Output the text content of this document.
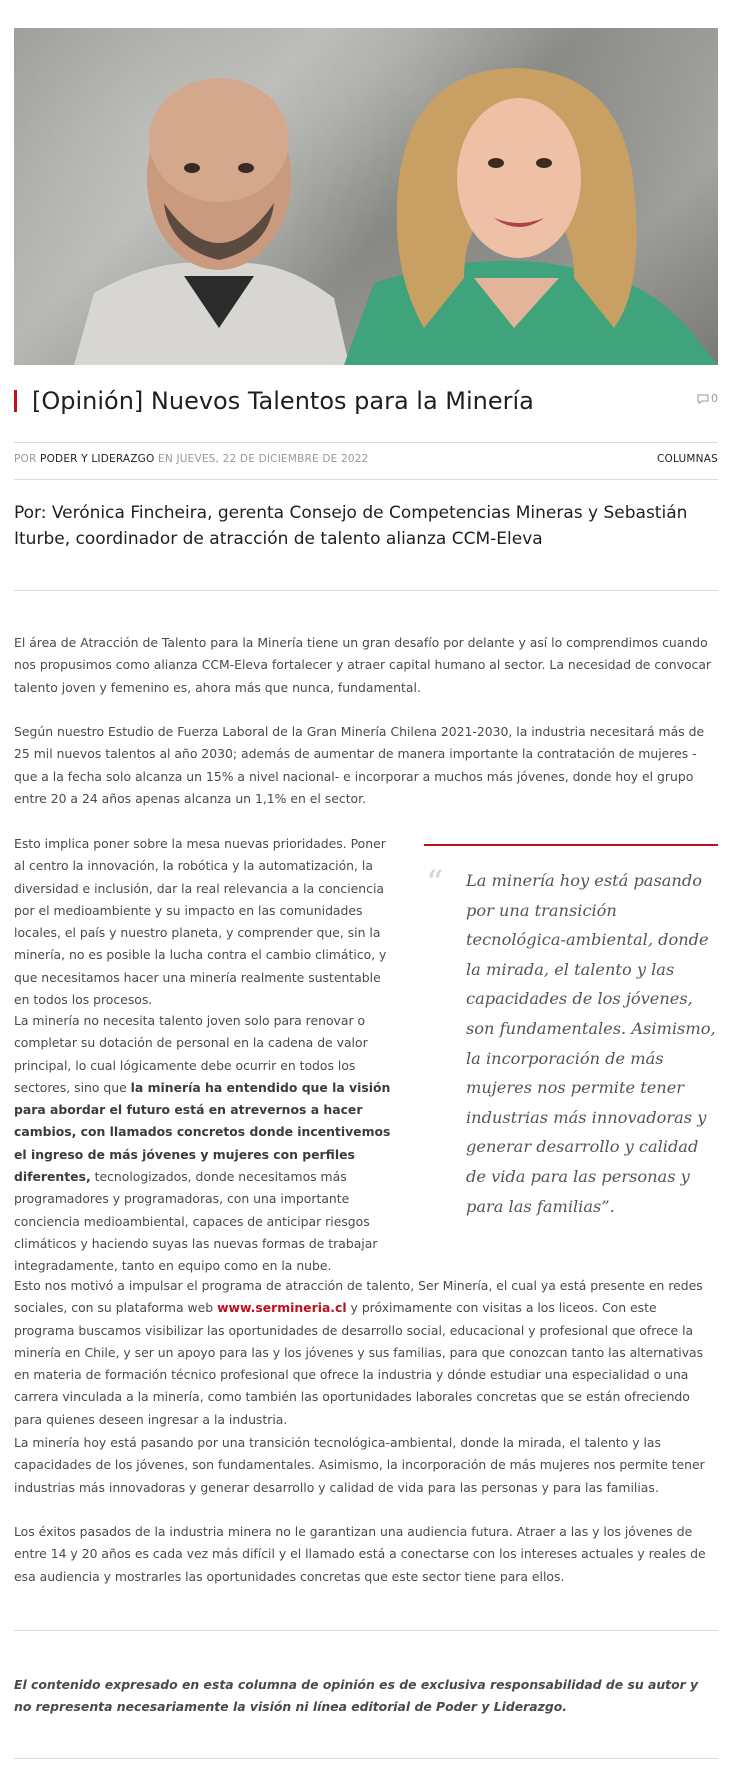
[Opinión] Nuevos Talentos para la Minería	0
POR PODER Y LIDERAZGO EN JUEVES, 22 DE DICIEMBRE DE 2022	COLUMNAS
Por: Verónica Fincheira, gerenta Consejo de Competencias Mineras y Sebastián Iturbe, coordinador de atracción de talento alianza CCM-Eleva

El área de Atracción de Talento para la Minería tiene un gran desafío por delante y así lo comprendimos cuando nos propusimos como alianza CCM-Eleva fortalecer y atraer capital humano al sector. La necesidad de convocar talento joven y femenino es, ahora más que nunca, fundamental.

Según nuestro Estudio de Fuerza Laboral de la Gran Minería Chilena 2021-2030, la industria necesitará más de 25 mil nuevos talentos al año 2030; además de aumentar de manera importante la contratación de mujeres -que a la fecha solo alcanza un 15% a nivel nacional- e incorporar a muchos más jóvenes, donde hoy el grupo entre 20 a 24 años apenas alcanza un 1,1% en el sector.

Esto implica poner sobre la mesa nuevas prioridades. Poner al centro la innovación, la robótica y la automatización, la diversidad e inclusión, dar la real relevancia a la conciencia por el medioambiente y su impacto en las comunidades locales, el país y nuestro planeta, y comprender que, sin la minería, no es posible la lucha contra el cambio climático, y que necesitamos hacer una minería realmente sustentable en todos los procesos.

La minería no necesita talento joven solo para renovar o completar su dotación de personal en la cadena de valor principal, lo cual lógicamente debe ocurrir en todos los sectores, sino que la minería ha entendido que la visión para abordar el futuro está en atrevernos a hacer cambios, con llamados concretos donde incentivemos el ingreso de más jóvenes y mujeres con perfiles diferentes, tecnologizados, donde necesitamos más programadores y programadoras, con una importante conciencia medioambiental, capaces de anticipar riesgos climáticos y haciendo suyas las nuevas formas de trabajar integradamente, tanto en equipo como en la nube.

“ La minería hoy está pasando por una transición tecnológica-ambiental, donde la mirada, el talento y las capacidades de los jóvenes, son fundamentales. Asimismo, la incorporación de más mujeres nos permite tener industrias más innovadoras y generar desarrollo y calidad de vida para las personas y para las familias”.

Esto nos motivó a impulsar el programa de atracción de talento, Ser Minería, el cual ya está presente en redes sociales, con su plataforma web www.sermineria.cl y próximamente con visitas a los liceos. Con este programa buscamos visibilizar las oportunidades de desarrollo social, educacional y profesional que ofrece la minería en Chile, y ser un apoyo para las y los jóvenes y sus familias, para que conozcan tanto las alternativas en materia de formación técnico profesional que ofrece la industria y dónde estudiar una especialidad o una carrera vinculada a la minería, como también las oportunidades laborales concretas que se están ofreciendo para quienes deseen ingresar a la industria.

La minería hoy está pasando por una transición tecnológica-ambiental, donde la mirada, el talento y las capacidades de los jóvenes, son fundamentales. Asimismo, la incorporación de más mujeres nos permite tener industrias más innovadoras y generar desarrollo y calidad de vida para las personas y para las familias.

Los éxitos pasados de la industria minera no le garantizan una audiencia futura. Atraer a las y los jóvenes de entre 14 y 20 años es cada vez más difícil y el llamado está a conectarse con los intereses actuales y reales de esa audiencia y mostrarles las oportunidades concretas que este sector tiene para ellos.

El contenido expresado en esta columna de opinión es de exclusiva responsabilidad de su autor y no representa necesariamente la visión ni línea editorial de Poder y Liderazgo.
